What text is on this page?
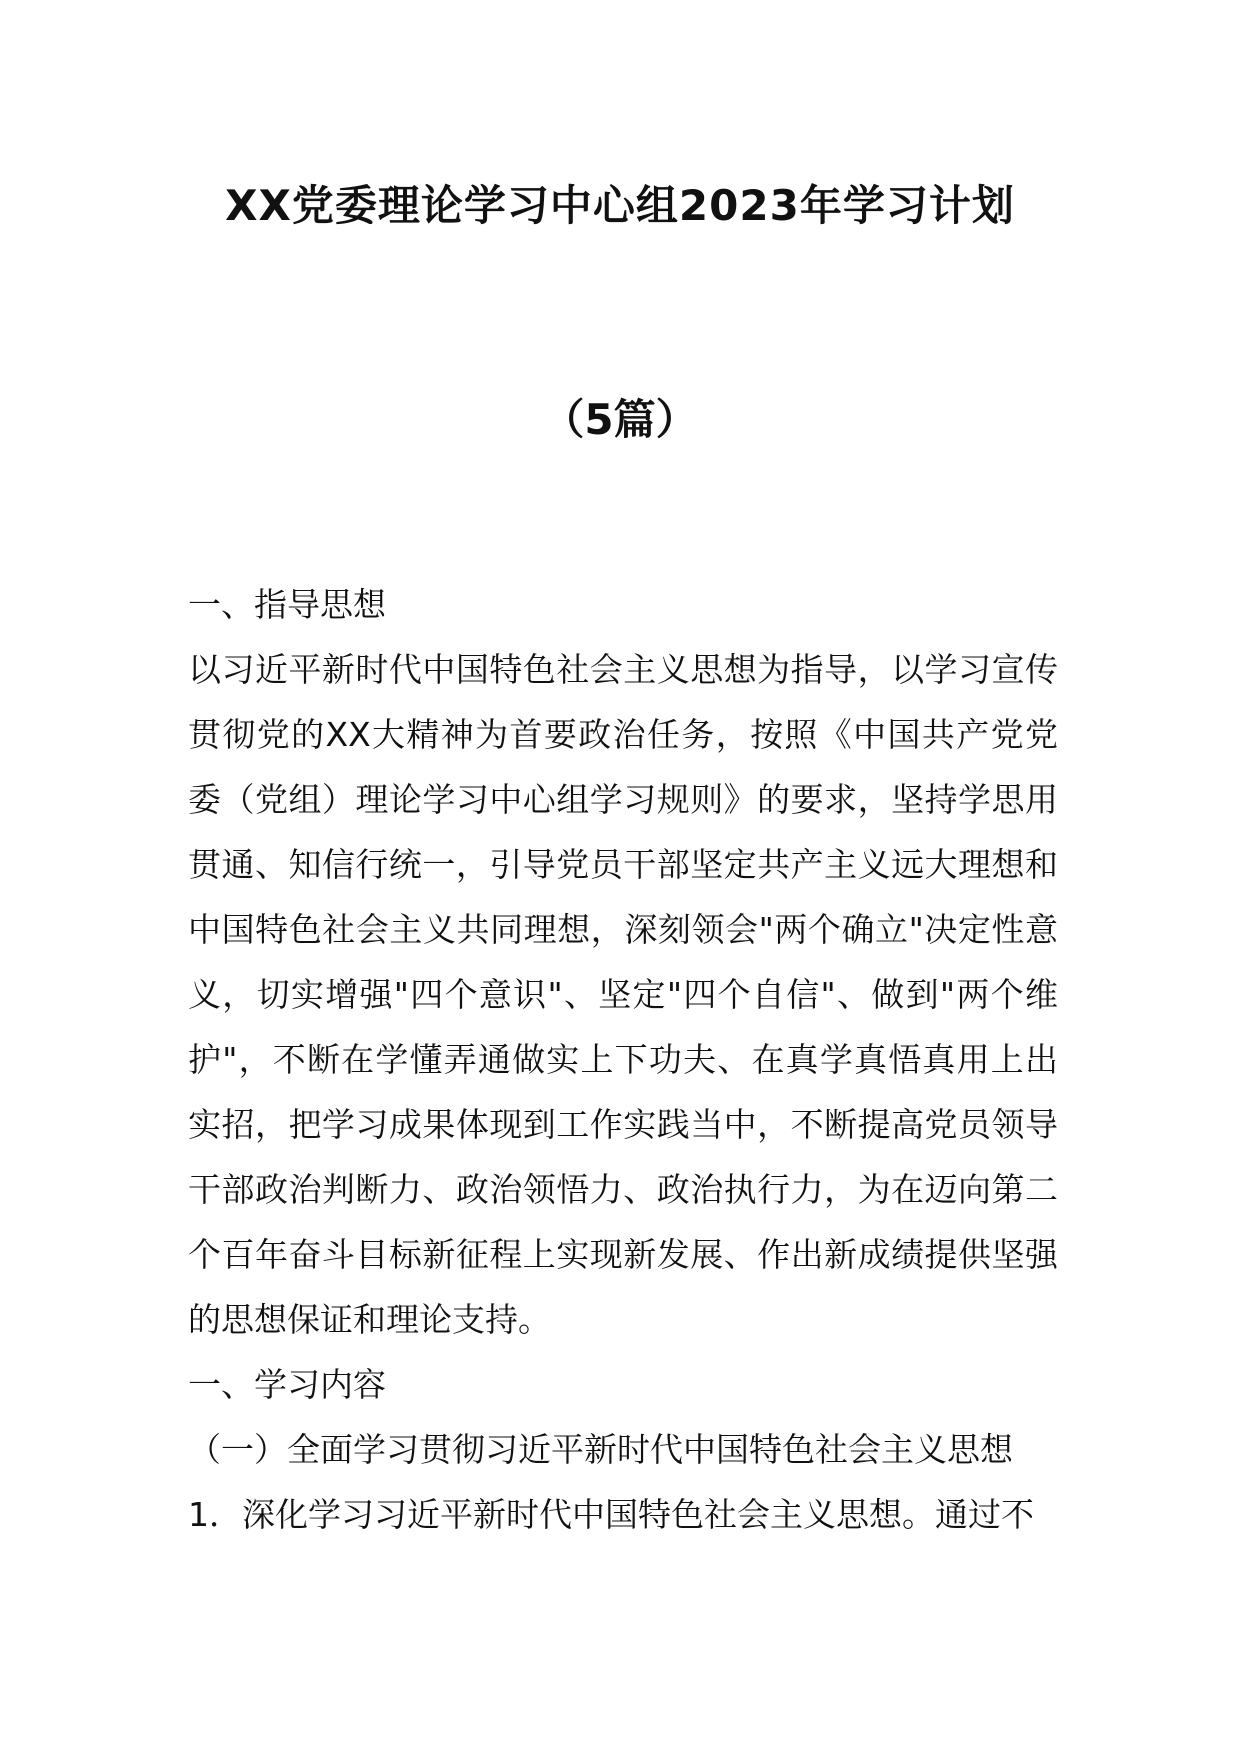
XX党委理论学习中心组2023年学习计划
（5篇）

一、指导思想

以习近平新时代中国特色社会主义思想为指导，以学习宣传贯彻党的XX大精神为首要政治任务，按照《中国共产党党委（党组）理论学习中心组学习规则》的要求，坚持学思用贯通、知信行统一，引导党员干部坚定共产主义远大理想和中国特色社会主义共同理想，深刻领会"两个确立"决定性意义，切实增强"四个意识"、坚定"四个自信"、做到"两个维护"，不断在学懂弄通做实上下功夫、在真学真悟真用上出实招，把学习成果体现到工作实践当中，不断提高党员领导干部政治判断力、政治领悟力、政治执行力，为在迈向第二个百年奋斗目标新征程上实现新发展、作出新成绩提供坚强的思想保证和理论支持。

一、学习内容

（一）全面学习贯彻习近平新时代中国特色社会主义思想

1．深化学习习近平新时代中国特色社会主义思想。通过不
